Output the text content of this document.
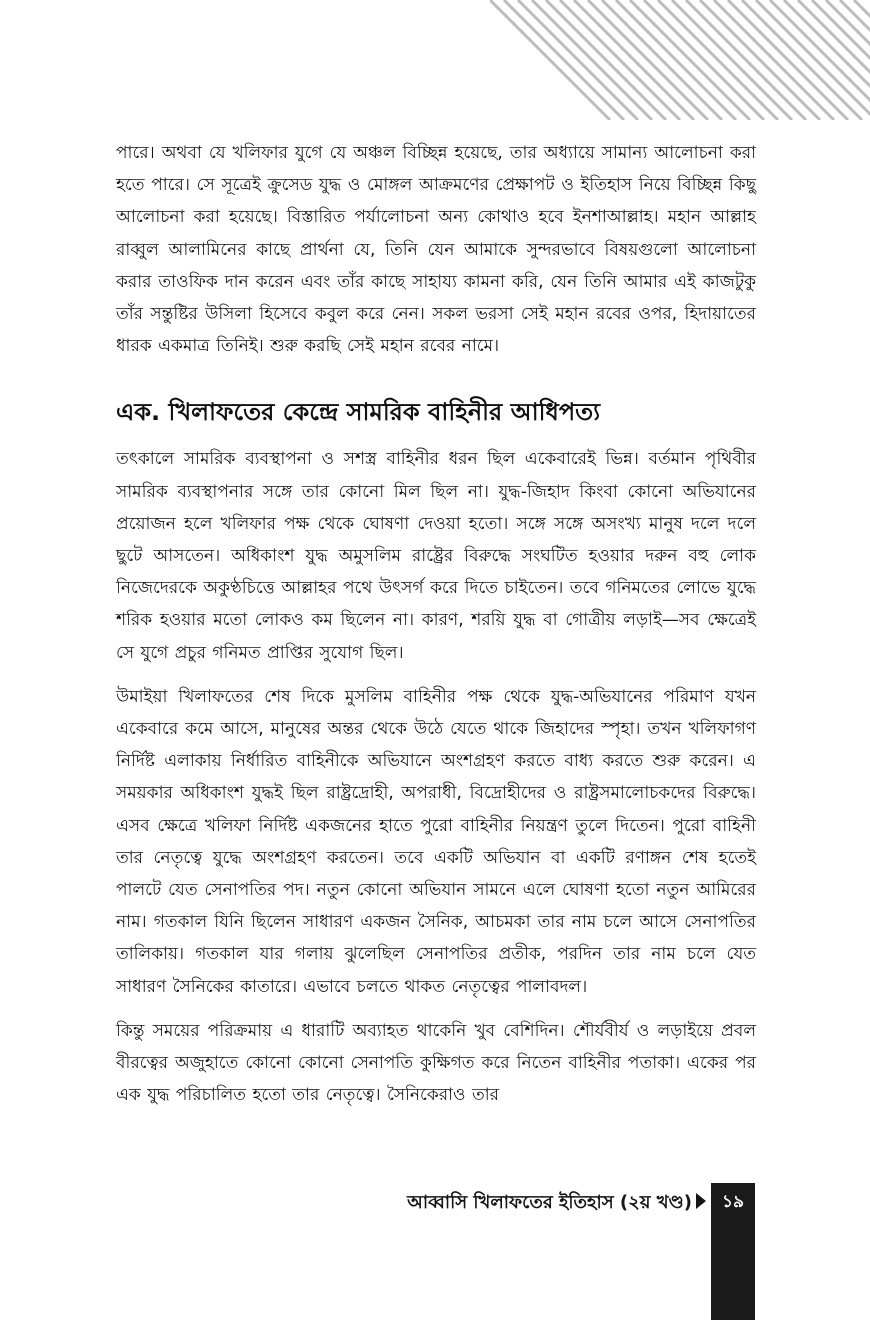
পারে। অথবা যে খলিফার যুগে যে অঞ্চল বিচ্ছিন্ন হয়েছে, তার অধ্যায়ে সামান্য আলোচনা করা হতে পারে। সে সূত্রেই ক্রুসেড যুদ্ধ ও মোঙ্গল আক্রমণের প্রেক্ষাপট ও ইতিহাস নিয়ে বিচ্ছিন্ন কিছু আলোচনা করা হয়েছে। বিস্তারিত পর্যালোচনা অন্য কোথাও হবে ইনশাআল্লাহ। মহান আল্লাহ রাব্বুল আলামিনের কাছে প্রার্থনা যে, তিনি যেন আমাকে সুন্দরভাবে বিষয়গুলো আলোচনা করার তাওফিক দান করেন এবং তাঁর কাছে সাহায্য কামনা করি, যেন তিনি আমার এই কাজটুকু তাঁর সন্তুষ্টির উসিলা হিসেবে কবুল করে নেন। সকল ভরসা সেই মহান রবের ওপর, হিদায়াতের ধারক একমাত্র তিনিই। শুরু করছি সেই মহান রবের নামে।

এক. খিলাফতের কেন্দ্রে সামরিক বাহিনীর আধিপত্য

তৎকালে সামরিক ব্যবস্থাপনা ও সশস্ত্র বাহিনীর ধরন ছিল একেবারেই ভিন্ন। বর্তমান পৃথিবীর সামরিক ব্যবস্থাপনার সঙ্গে তার কোনো মিল ছিল না। যুদ্ধ-জিহাদ কিংবা কোনো অভিযানের প্রয়োজন হলে খলিফার পক্ষ থেকে ঘোষণা দেওয়া হতো। সঙ্গে সঙ্গে অসংখ্য মানুষ দলে দলে ছুটে আসতেন। অধিকাংশ যুদ্ধ অমুসলিম রাষ্ট্রের বিরুদ্ধে সংঘটিত হওয়ার দরুন বহু লোক নিজেদেরকে অকুণ্ঠচিত্তে আল্লাহর পথে উৎসর্গ করে দিতে চাইতেন। তবে গনিমতের লোভে যুদ্ধে শরিক হওয়ার মতো লোকও কম ছিলেন না। কারণ, শরয়ি যুদ্ধ বা গোত্রীয় লড়াই—সব ক্ষেত্রেই সে যুগে প্রচুর গনিমত প্রাপ্তির সুযোগ ছিল।

উমাইয়া খিলাফতের শেষ দিকে মুসলিম বাহিনীর পক্ষ থেকে যুদ্ধ-অভিযানের পরিমাণ যখন একেবারে কমে আসে, মানুষের অন্তর থেকে উঠে যেতে থাকে জিহাদের স্পৃহা। তখন খলিফাগণ নির্দিষ্ট এলাকায় নির্ধারিত বাহিনীকে অভিযানে অংশগ্রহণ করতে বাধ্য করতে শুরু করেন। এ সময়কার অধিকাংশ যুদ্ধই ছিল রাষ্ট্রদ্রোহী, অপরাধী, বিদ্রোহীদের ও রাষ্ট্রসমালোচকদের বিরুদ্ধে। এসব ক্ষেত্রে খলিফা নির্দিষ্ট একজনের হাতে পুরো বাহিনীর নিয়ন্ত্রণ তুলে দিতেন। পুরো বাহিনী তার নেতৃত্বে যুদ্ধে অংশগ্রহণ করতেন। তবে একটি অভিযান বা একটি রণাঙ্গন শেষ হতেই পালটে যেত সেনাপতির পদ। নতুন কোনো অভিযান সামনে এলে ঘোষণা হতো নতুন আমিরের নাম। গতকাল যিনি ছিলেন সাধারণ একজন সৈনিক, আচমকা তার নাম চলে আসে সেনাপতির তালিকায়। গতকাল যার গলায় ঝুলেছিল সেনাপতির প্রতীক, পরদিন তার নাম চলে যেত সাধারণ সৈনিকের কাতারে। এভাবে চলতে থাকত নেতৃত্বের পালাবদল।

কিন্তু সময়ের পরিক্রমায় এ ধারাটি অব্যাহত থাকেনি খুব বেশিদিন। শৌর্যবীর্য ও লড়াইয়ে প্রবল বীরত্বের অজুহাতে কোনো কোনো সেনাপতি কুক্ষিগত করে নিতেন বাহিনীর পতাকা। একের পর এক যুদ্ধ পরিচালিত হতো তার নেতৃত্বে। সৈনিকেরাও তার

আব্বাসি খিলাফতের ইতিহাস (২য় খণ্ড)	১৯
